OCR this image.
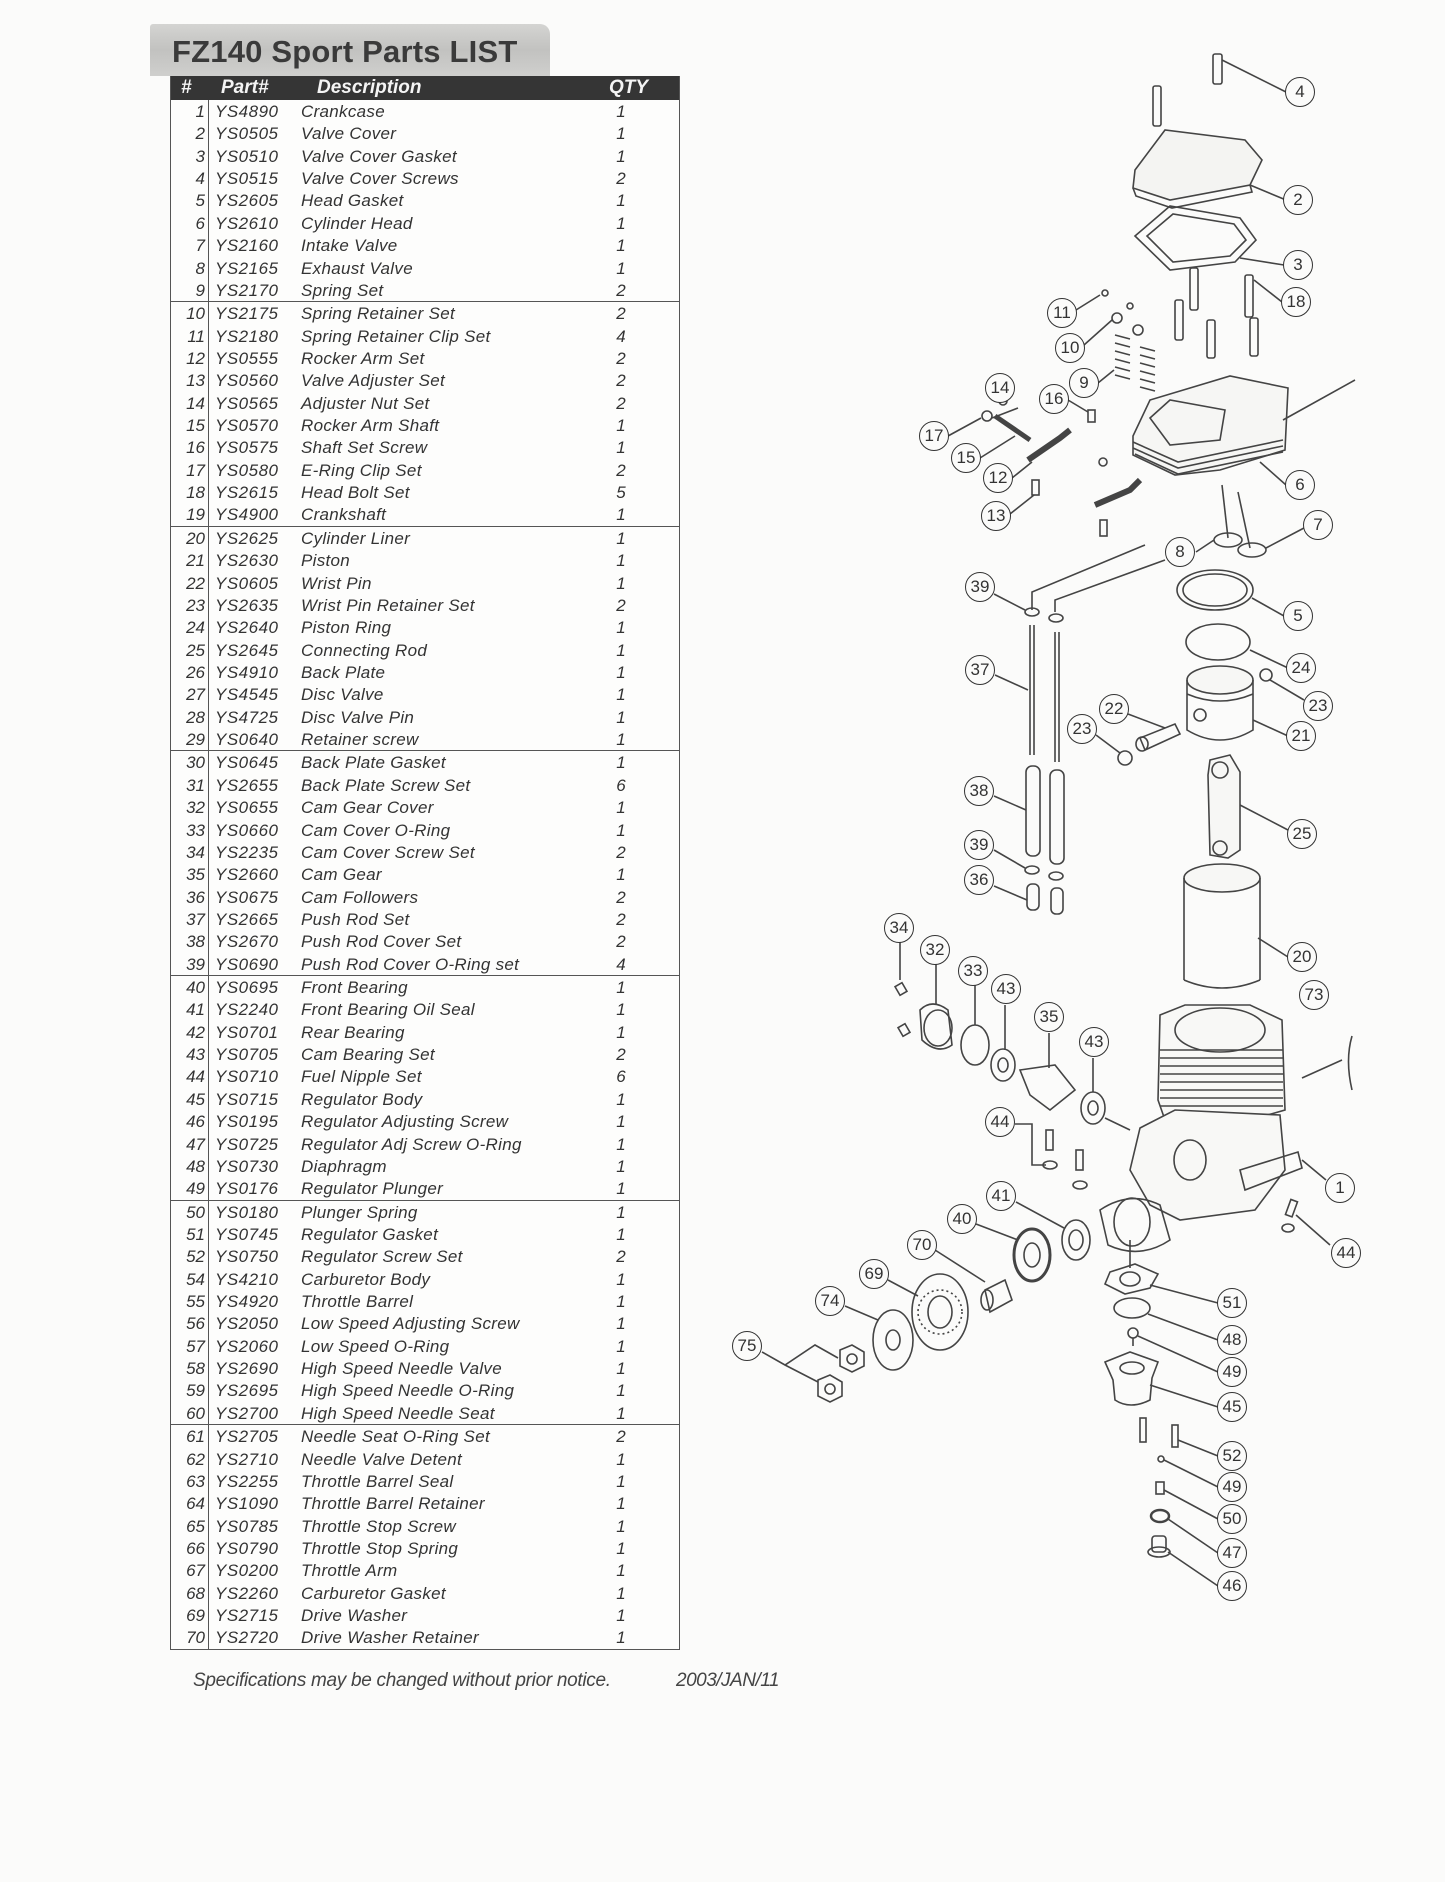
FZ140 Sport Parts LIST
# Part#	Description	QTY
1 YS4890 Crankcase	1
2 YS0505 Valve Cover	1
3 YS0510 Valve Cover Gasket	1
4 YS0515 Valve Cover Screws	2
5 YS2605 Head Gasket	1
6 YS2610 Cylinder Head	1
7 YS2160 Intake Valve	1
8 YS2165 Exhaust Valve	1
9 YS2170 Spring Set	2
10 YS2175 Spring Retainer Set	2
11 YS2180 Spring Retainer Clip Set	4
12 YS0555 Rocker Arm Set	2
13 YS0560 Valve Adjuster Set	2
14 YS0565 Adjuster Nut Set	2
15 YS0570 Rocker Arm Shaft	1
16 YS0575 Shaft Set Screw	1
17 YS0580 E-Ring Clip Set	2
18 YS2615 Head Bolt Set	5
19 YS4900 Crankshaft	1
20 YS2625 Cylinder Liner	1
21 YS2630 Piston	1
22 YS0605 Wrist Pin	1
23 YS2635 Wrist Pin Retainer Set	2
24 YS2640 Piston Ring	1
25 YS2645 Connecting Rod	1
26 YS4910 Back Plate	1
27 YS4545 Disc Valve	1
28 YS4725 Disc Valve Pin	1
29 YS0640 Retainer screw	1
30 YS0645 Back Plate Gasket	1
31 YS2655 Back Plate Screw Set	6
32 YS0655 Cam Gear Cover	1
33 YS0660 Cam Cover O-Ring	1
34 YS2235 Cam Cover Screw Set	2
35 YS2660 Cam Gear	1
36 YS0675 Cam Followers	2
37 YS2665 Push Rod Set	2
38 YS2670 Push Rod Cover Set	2
39 YS0690 Push Rod Cover O-Ring set	4
40 YS0695 Front Bearing	1
41 YS2240 Front Bearing Oil Seal	1
42 YS0701 Rear Bearing	1
43 YS0705 Cam Bearing Set	2
44 YS0710 Fuel Nipple Set	6
45 YS0715 Regulator Body	1
46 YS0195 Regulator Adjusting Screw	1
47 YS0725 Regulator Adj Screw O-Ring	1
48 YS0730 Diaphragm	1
49 YS0176 Regulator Plunger	1
50 YS0180 Plunger Spring	1
51 YS0745 Regulator Gasket	1
52 YS0750 Regulator Screw Set	2
54 YS4210 Carburetor Body	1
55 YS4920 Throttle Barrel	1
56 YS2050 Low Speed Adjusting Screw	1
57 YS2060 Low Speed O-Ring	1
58 YS2690 High Speed Needle Valve	1
59 YS2695 High Speed Needle O-Ring	1
60 YS2700 High Speed Needle Seat	1
61 YS2705 Needle Seat O-Ring Set	2
62 YS2710 Needle Valve Detent	1
63 YS2255 Throttle Barrel Seal	1
64 YS1090 Throttle Barrel Retainer	1
65 YS0785 Throttle Stop Screw	1
66 YS0790 Throttle Stop Spring	1
67 YS0200 Throttle Arm	1
68 YS2260 Carburetor Gasket	1
69 YS2715 Drive Washer	1
70 YS2720 Drive Washer Retainer	1
4
2
3
18
11
10
9
14
16
17
15
12
13
6
7
8
39
5
37	24
23
22
23	21
38
25
39
36
34
32
33
43
20
73
35
43
44
1
41
40
44
70
69
51
74
48
75
49
45
52
49
50
47
46
Specifications may be changed without prior notice.	2003/JAN/11
